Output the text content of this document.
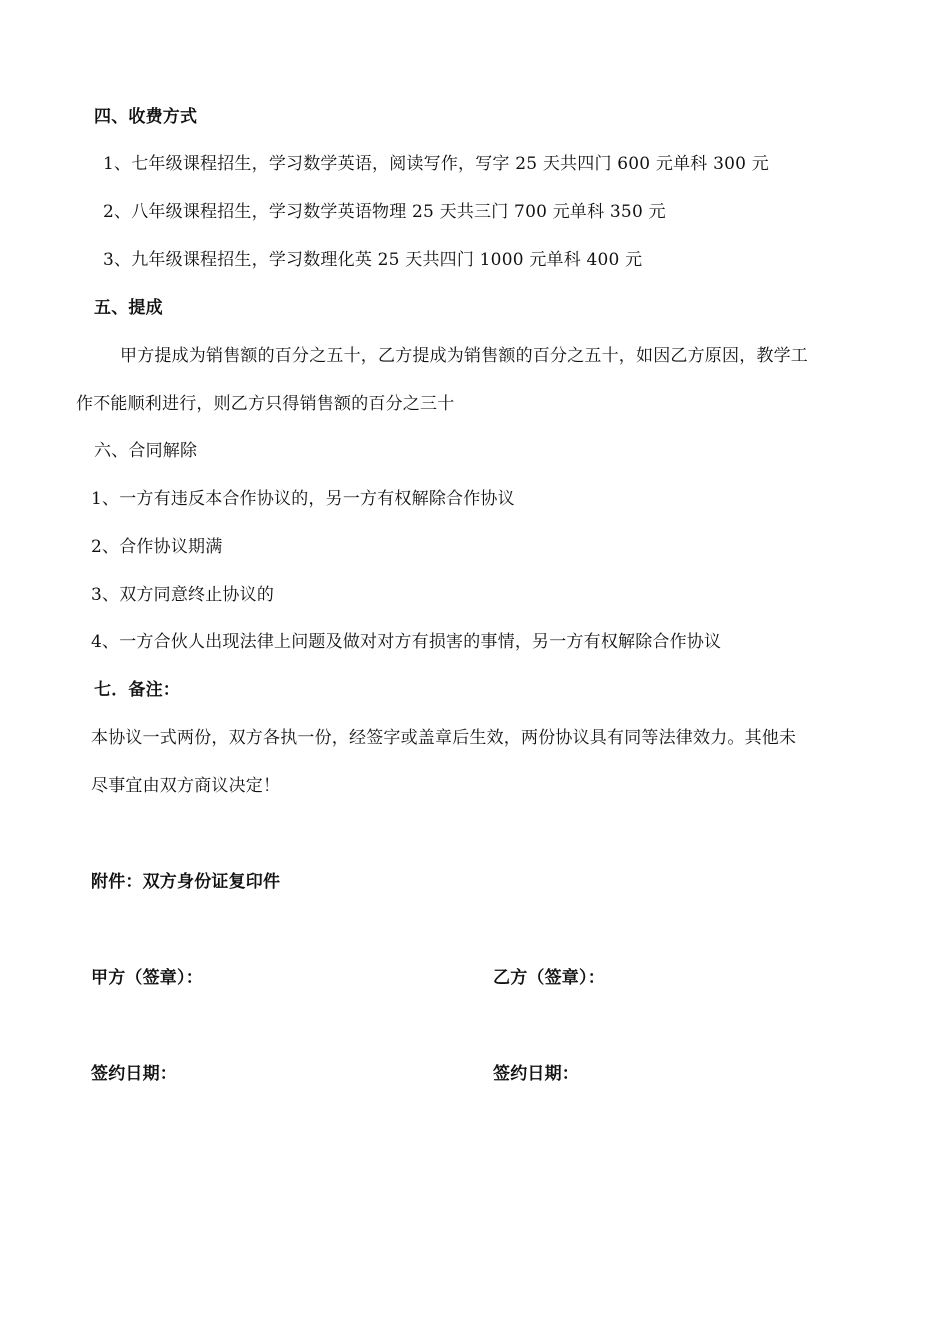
四、收费方式
1、七年级课程招生，学习数学英语，阅读写作，写字 25 天共四门 600 元单科 300 元
2、八年级课程招生，学习数学英语物理 25 天共三门 700 元单科 350 元
3、九年级课程招生，学习数理化英 25 天共四门 1000 元单科 400 元
五、提成
甲方提成为销售额的百分之五十，乙方提成为销售额的百分之五十，如因乙方原因，教学工
作不能顺利进行，则乙方只得销售额的百分之三十
六、合同解除
1、一方有违反本合作协议的，另一方有权解除合作协议
2、合作协议期满
3、双方同意终止协议的
4、一方合伙人出现法律上问题及做对对方有损害的事情，另一方有权解除合作协议
七．备注：
本协议一式两份，双方各执一份，经签字或盖章后生效，两份协议具有同等法律效力。其他未
尽事宜由双方商议决定！
附件：双方身份证复印件
甲方（签章）：	乙方（签章）：
签约日期：	签约日期：
